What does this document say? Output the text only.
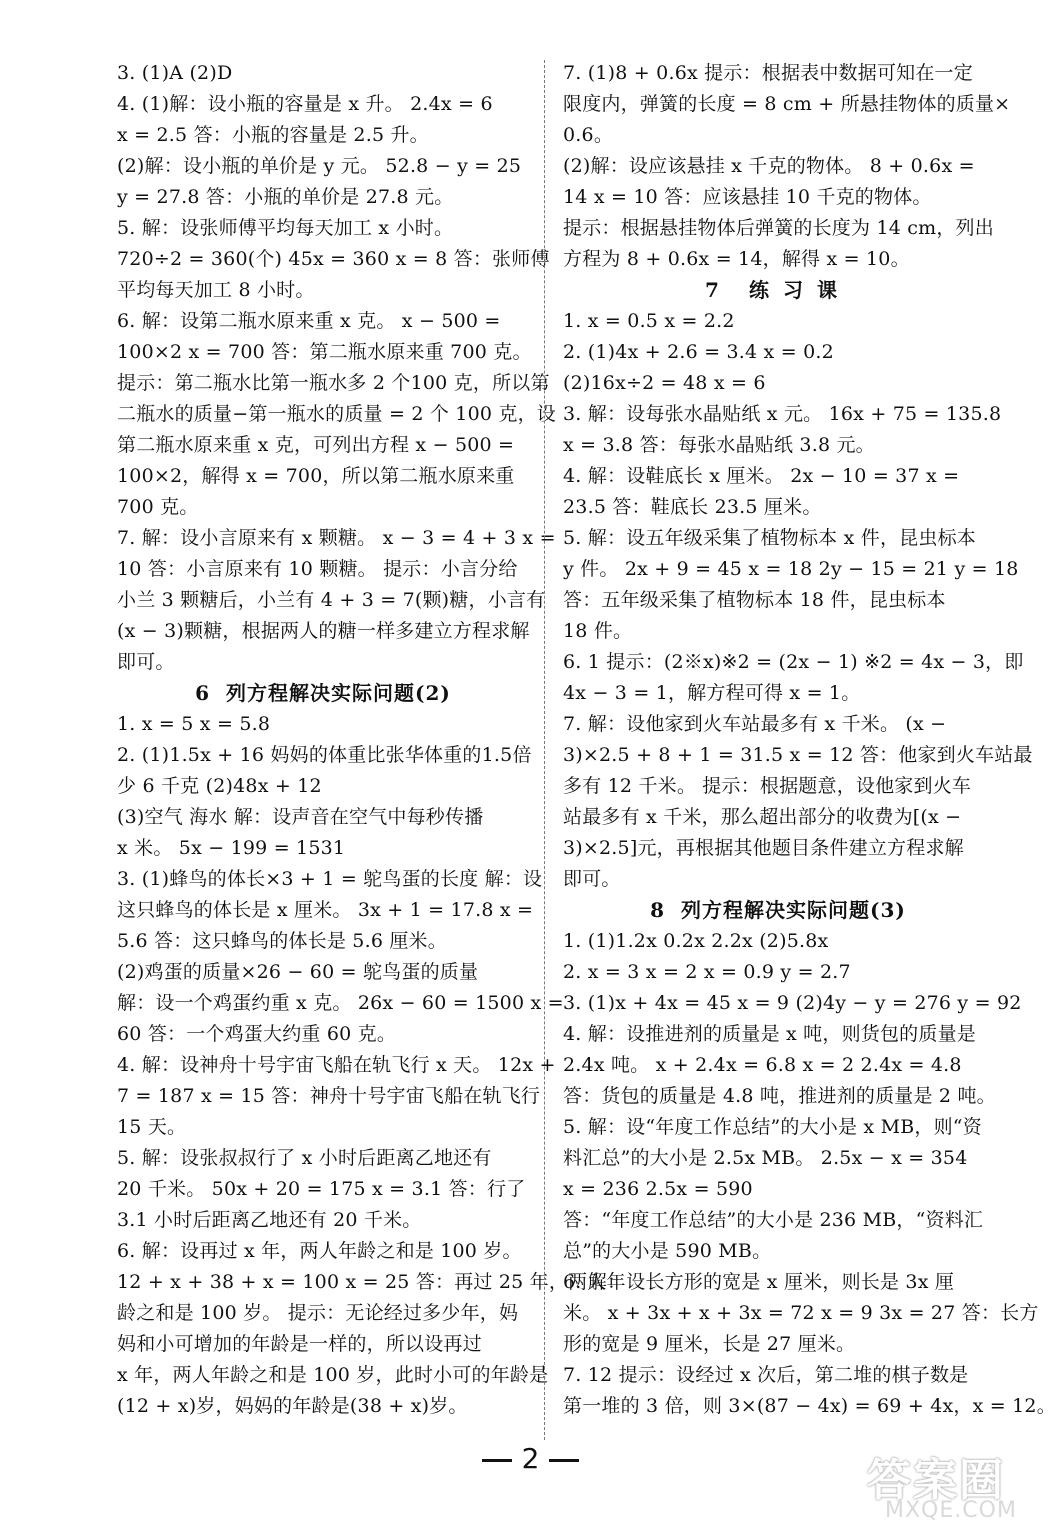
3. (1)A (2)D
4. (1)解：设小瓶的容量是 x 升。 2.4x = 6
x = 2.5 答：小瓶的容量是 2.5 升。
(2)解：设小瓶的单价是 y 元。 52.8 − y = 25
y = 27.8 答：小瓶的单价是 27.8 元。
5. 解：设张师傅平均每天加工 x 小时。
720÷2 = 360(个) 45x = 360 x = 8 答：张师傅
平均每天加工 8 小时。
6. 解：设第二瓶水原来重 x 克。 x − 500 =
100×2 x = 700 答：第二瓶水原来重 700 克。
提示：第二瓶水比第一瓶水多 2 个100 克，所以第
二瓶水的质量−第一瓶水的质量 = 2 个 100 克，设
第二瓶水原来重 x 克，可列出方程 x − 500 =
100×2，解得 x = 700，所以第二瓶水原来重
700 克。
7. 解：设小言原来有 x 颗糖。 x − 3 = 4 + 3 x =
10 答：小言原来有 10 颗糖。 提示：小言分给
小兰 3 颗糖后，小兰有 4 + 3 = 7(颗)糖，小言有
(x − 3)颗糖，根据两人的糖一样多建立方程求解
即可。
6 列方程解决实际问题(2)
1. x = 5 x = 5.8
2. (1)1.5x + 16 妈妈的体重比张华体重的1.5倍
少 6 千克 (2)48x + 12
(3)空气 海水 解：设声音在空气中每秒传播
x 米。 5x − 199 = 1531
3. (1)蜂鸟的体长×3 + 1 = 鸵鸟蛋的长度 解：设
这只蜂鸟的体长是 x 厘米。 3x + 1 = 17.8 x =
5.6 答：这只蜂鸟的体长是 5.6 厘米。
(2)鸡蛋的质量×26 − 60 = 鸵鸟蛋的质量
解：设一个鸡蛋约重 x 克。 26x − 60 = 1500 x =
60 答：一个鸡蛋大约重 60 克。
4. 解：设神舟十号宇宙飞船在轨飞行 x 天。 12x +
7 = 187 x = 15 答：神舟十号宇宙飞船在轨飞行
15 天。
5. 解：设张叔叔行了 x 小时后距离乙地还有
20 千米。 50x + 20 = 175 x = 3.1 答：行了
3.1 小时后距离乙地还有 20 千米。
6. 解：设再过 x 年，两人年龄之和是 100 岁。
12 + x + 38 + x = 100 x = 25 答：再过 25 年，两人年
龄之和是 100 岁。 提示：无论经过多少年，妈
妈和小可增加的年龄是一样的，所以设再过
x 年，两人年龄之和是 100 岁，此时小可的年龄是
(12 + x)岁，妈妈的年龄是(38 + x)岁。
7. (1)8 + 0.6x 提示：根据表中数据可知在一定
限度内，弹簧的长度 = 8 cm + 所悬挂物体的质量×
0.6。
(2)解：设应该悬挂 x 千克的物体。 8 + 0.6x =
14 x = 10 答：应该悬挂 10 千克的物体。
提示：根据悬挂物体后弹簧的长度为 14 cm，列出
方程为 8 + 0.6x = 14，解得 x = 10。
7 练习课
1. x = 0.5 x = 2.2
2. (1)4x + 2.6 = 3.4 x = 0.2
(2)16x÷2 = 48 x = 6
3. 解：设每张水晶贴纸 x 元。 16x + 75 = 135.8
x = 3.8 答：每张水晶贴纸 3.8 元。
4. 解：设鞋底长 x 厘米。 2x − 10 = 37 x =
23.5 答：鞋底长 23.5 厘米。
5. 解：设五年级采集了植物标本 x 件，昆虫标本
y 件。 2x + 9 = 45 x = 18 2y − 15 = 21 y = 18
答：五年级采集了植物标本 18 件，昆虫标本
18 件。
6. 1 提示：(2※x)※2 = (2x − 1) ※2 = 4x − 3，即
4x − 3 = 1，解方程可得 x = 1。
7. 解：设他家到火车站最多有 x 千米。 (x −
3)×2.5 + 8 + 1 = 31.5 x = 12 答：他家到火车站最
多有 12 千米。 提示：根据题意，设他家到火车
站最多有 x 千米，那么超出部分的收费为[(x −
3)×2.5]元，再根据其他题目条件建立方程求解
即可。
8 列方程解决实际问题(3)
1. (1)1.2x 0.2x 2.2x (2)5.8x
2. x = 3 x = 2 x = 0.9 y = 2.7
3. (1)x + 4x = 45 x = 9 (2)4y − y = 276 y = 92
4. 解：设推进剂的质量是 x 吨，则货包的质量是
2.4x 吨。 x + 2.4x = 6.8 x = 2 2.4x = 4.8
答：货包的质量是 4.8 吨，推进剂的质量是 2 吨。
5. 解：设“年度工作总结”的大小是 x MB，则“资
料汇总”的大小是 2.5x MB。 2.5x − x = 354
x = 236 2.5x = 590
答：“年度工作总结”的大小是 236 MB，“资料汇
总”的大小是 590 MB。
6. 解：设长方形的宽是 x 厘米，则长是 3x 厘
米。 x + 3x + x + 3x = 72 x = 9 3x = 27 答：长方
形的宽是 9 厘米，长是 27 厘米。
7. 12 提示：设经过 x 次后，第二堆的棋子数是
第一堆的 3 倍，则 3×(87 − 4x) = 69 + 4x，x = 12。
2	答案圈
MXQE.COM
